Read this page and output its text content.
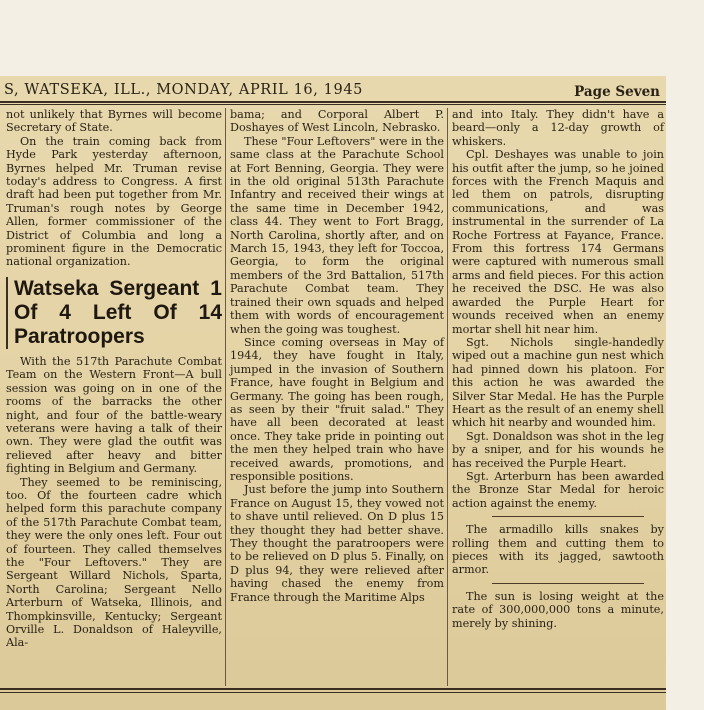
S, WATSEKA, ILL., MONDAY, APRIL 16, 1945	Page Seven

not unlikely that Byrnes will become Secretary of State.

On the train coming back from Hyde Park yesterday afternoon, Byrnes helped Mr. Truman revise today's address to Congress. A first draft had been put together from Mr. Truman's rough notes by George Allen, former commissioner of the District of Columbia and long a prominent figure in the Democratic national organization.

Watseka Sergeant 1 Of 4 Left Of 14 Paratroopers

With the 517th Parachute Combat Team on the Western Front—A bull session was going on in one of the rooms of the barracks the other night, and four of the battle-weary veterans were having a talk of their own. They were glad the outfit was relieved after heavy and bitter fighting in Belgium and Germany.

They seemed to be reminiscing, too. Of the fourteen cadre which helped form this parachute company of the 517th Parachute Combat team, they were the only ones left. Four out of fourteen. They called themselves the "Four Leftovers." They are Sergeant Willard Nichols, Sparta, North Carolina; Sergeant Nello Arterburn of Watseka, Illinois, and Thompkinsville, Kentucky; Sergeant Orville L. Donaldson of Haleyville, Ala-

bama; and Corporal Albert P. Doshayes of West Lincoln, Nebrasko.

These "Four Leftovers" were in the same class at the Parachute School at Fort Benning, Georgia. They were in the old original 513th Parachute Infantry and received their wings at the same time in December 1942, class 44. They went to Fort Bragg, North Carolina, shortly after, and on March 15, 1943, they left for Toccoa, Georgia, to form the original members of the 3rd Battalion, 517th Parachute Combat team. They trained their own squads and helped them with words of encouragement when the going was toughest.

Since coming overseas in May of 1944, they have fought in Italy, jumped in the invasion of Southern France, have fought in Belgium and Germany. The going has been rough, as seen by their "fruit salad." They have all been decorated at least once. They take pride in pointing out the men they helped train who have received awards, promotions, and responsible positions.

Just before the jump into Southern France on August 15, they vowed not to shave until relieved. On D plus 15 they thought they had better shave. They thought the paratroopers were to be relieved on D plus 5. Finally, on D plus 94, they were relieved after having chased the enemy from France through the Maritime Alps

and into Italy. They didn't have a beard—only a 12-day growth of whiskers.

Cpl. Deshayes was unable to join his outfit after the jump, so he joined forces with the French Maquis and led them on patrols, disrupting communications, and was instrumental in the surrender of La Roche Fortress at Fayance, France. From this fortress 174 Germans were captured with numerous small arms and field pieces. For this action he received the DSC. He was also awarded the Purple Heart for wounds received when an enemy mortar shell hit near him.

Sgt. Nichols single-handedly wiped out a machine gun nest which had pinned down his platoon. For this action he was awarded the Silver Star Medal. He has the Purple Heart as the result of an enemy shell which hit nearby and wounded him.

Sgt. Donaldson was shot in the leg by a sniper, and for his wounds he has received the Purple Heart.

Sgt. Arterburn has been awarded the Bronze Star Medal for heroic action against the enemy.

The armadillo kills snakes by rolling them and cutting them to pieces with its jagged, sawtooth armor.

The sun is losing weight at the rate of 300,000,000 tons a minute, merely by shining.
